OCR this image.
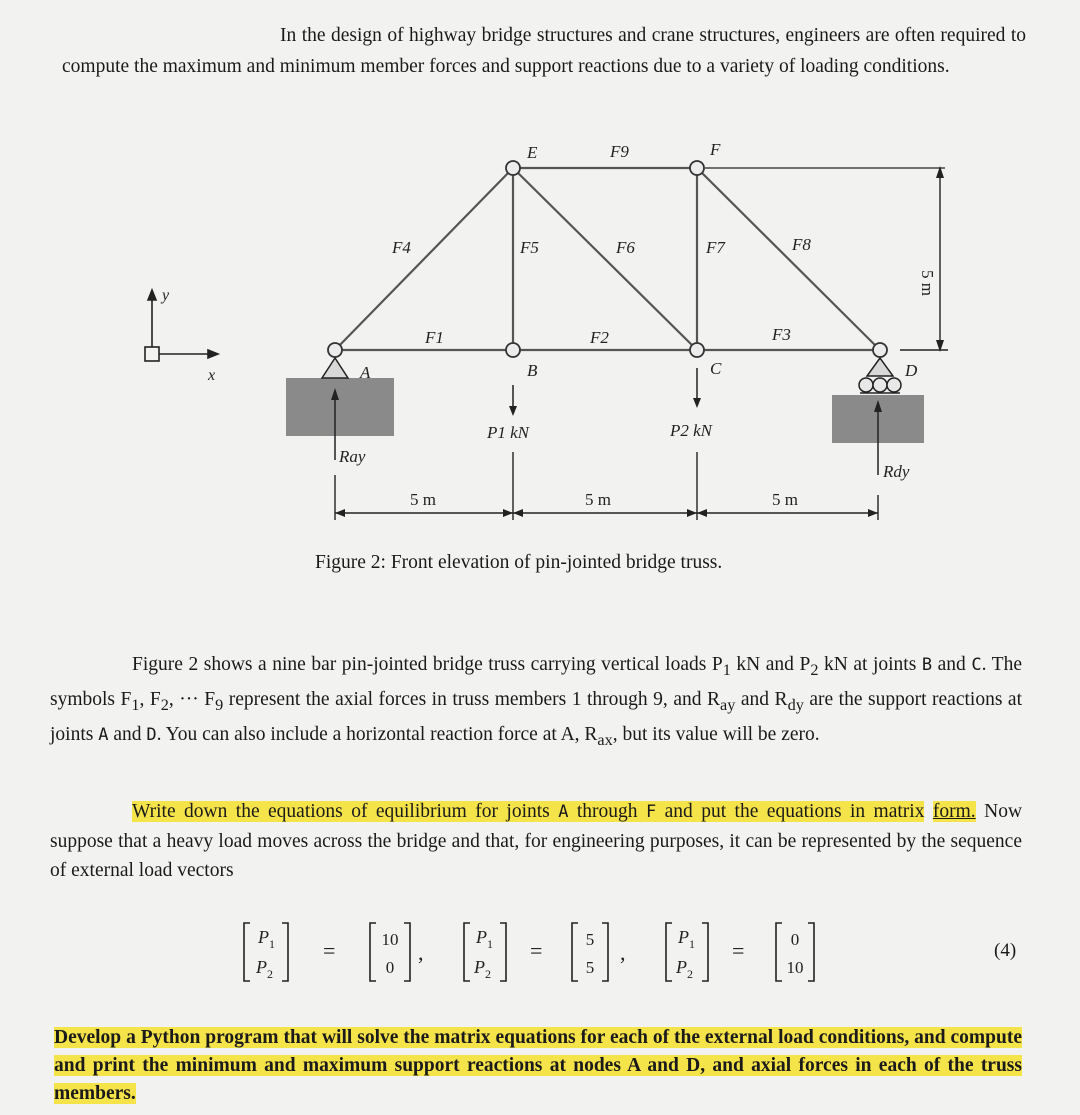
In the design of highway bridge structures and crane structures, engineers are often required to compute the maximum and minimum member forces and support reactions due to a variety of loading conditions.

y
x	A	B	C	D
E	F
F1	F2	F3
F4	F5	F6	F7	F8
F9
P1 kN	P2 kN
Ray
Rdy
5 m	5 m	5 m
5 m
Figure 2: Front elevation of pin-jointed bridge truss.

Figure 2 shows a nine bar pin-jointed bridge truss carrying vertical loads $P_1$ kN and $P_2$ kN at joints B and C. The symbols $F_1$, $F_2$, ··· $F_9$ represent the axial forces in truss members 1 through 9, and $R_{ay}$ and $R_{dy}$ are the support reactions at joints A and D. You can also include a horizontal reaction force at A, $R_{ax}$, but its value will be zero.

Write down the equations of equilibrium for joints A through F and put the equations in matrix form. Now suppose that a heavy load moves across the bridge and that, for engineering purposes, it can be represented by the sequence of external load vectors

P 1
P 2
P 1
P 2
P 1
P 2
=	=	=
,	,
10
0
5
5
0
10
(4)

Develop a Python program that will solve the matrix equations for each of the external load conditions, and compute and print the minimum and maximum support reactions at nodes A and D, and axial forces in each of the truss members.
